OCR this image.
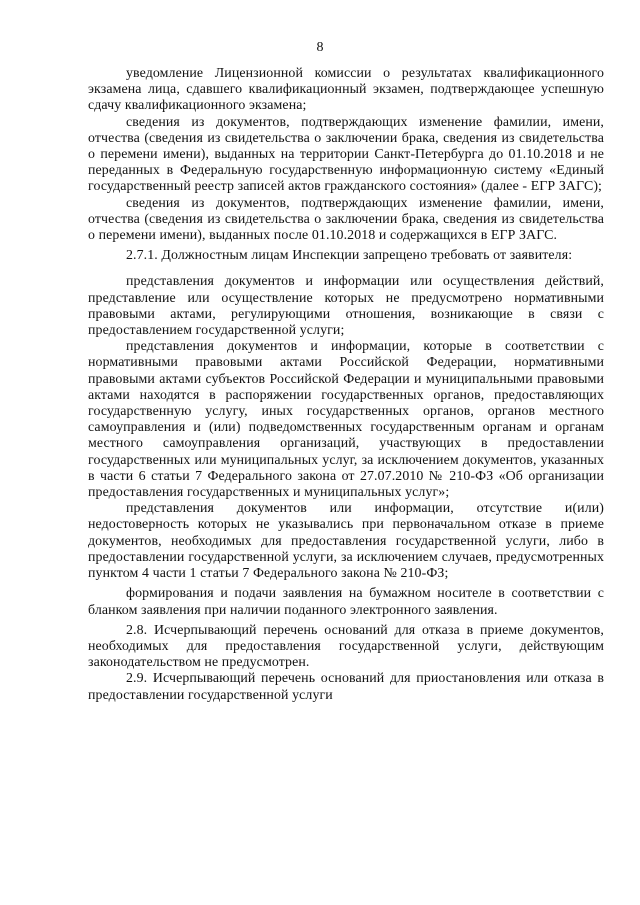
8

уведомление Лицензионной комиссии о результатах квалификационного экзамена лица, сдавшего квалификационный экзамен, подтверждающее успешную сдачу квалификационного экзамена;

сведения из документов, подтверждающих изменение фамилии, имени, отчества (сведения из свидетельства о заключении брака, сведения из свидетельства о перемени имени), выданных на территории Санкт-Петербурга до 01.10.2018 и не переданных в Федеральную государственную информационную систему «Единый государственный реестр записей актов гражданского состояния» (далее - ЕГР ЗАГС);

сведения из документов, подтверждающих изменение фамилии, имени, отчества (сведения из свидетельства о заключении брака, сведения из свидетельства о перемени имени), выданных после 01.10.2018 и содержащихся в ЕГР ЗАГС.

2.7.1. Должностным лицам Инспекции запрещено требовать от заявителя:

представления документов и информации или осуществления действий, представление или осуществление которых не предусмотрено нормативными правовыми актами, регулирующими отношения, возникающие в связи с предоставлением государственной услуги;

представления документов и информации, которые в соответствии с нормативными правовыми актами Российской Федерации, нормативными правовыми актами субъектов Российской Федерации и муниципальными правовыми актами находятся в распоряжении государственных органов, предоставляющих государственную услугу, иных государственных органов, органов местного самоуправления и (или) подведомственных государственным органам и органам местного самоуправления организаций, участвующих в предоставлении государственных или муниципальных услуг, за исключением документов, указанных в части 6 статьи 7 Федерального закона от 27.07.2010 № 210-ФЗ «Об организации предоставления государственных и муниципальных услуг»;

представления документов или информации, отсутствие и(или) недостоверность которых не указывались при первоначальном отказе в приеме документов, необходимых для предоставления государственной услуги, либо в предоставлении государственной услуги, за исключением случаев, предусмотренных пунктом 4 части 1 статьи 7 Федерального закона № 210-ФЗ;

формирования и подачи заявления на бумажном носителе в соответствии с бланком заявления при наличии поданного электронного заявления.

2.8. Исчерпывающий перечень оснований для отказа в приеме документов, необходимых для предоставления государственной услуги, действующим законодательством не предусмотрен.

2.9. Исчерпывающий перечень оснований для приостановления или отказа в предоставлении государственной услуги
